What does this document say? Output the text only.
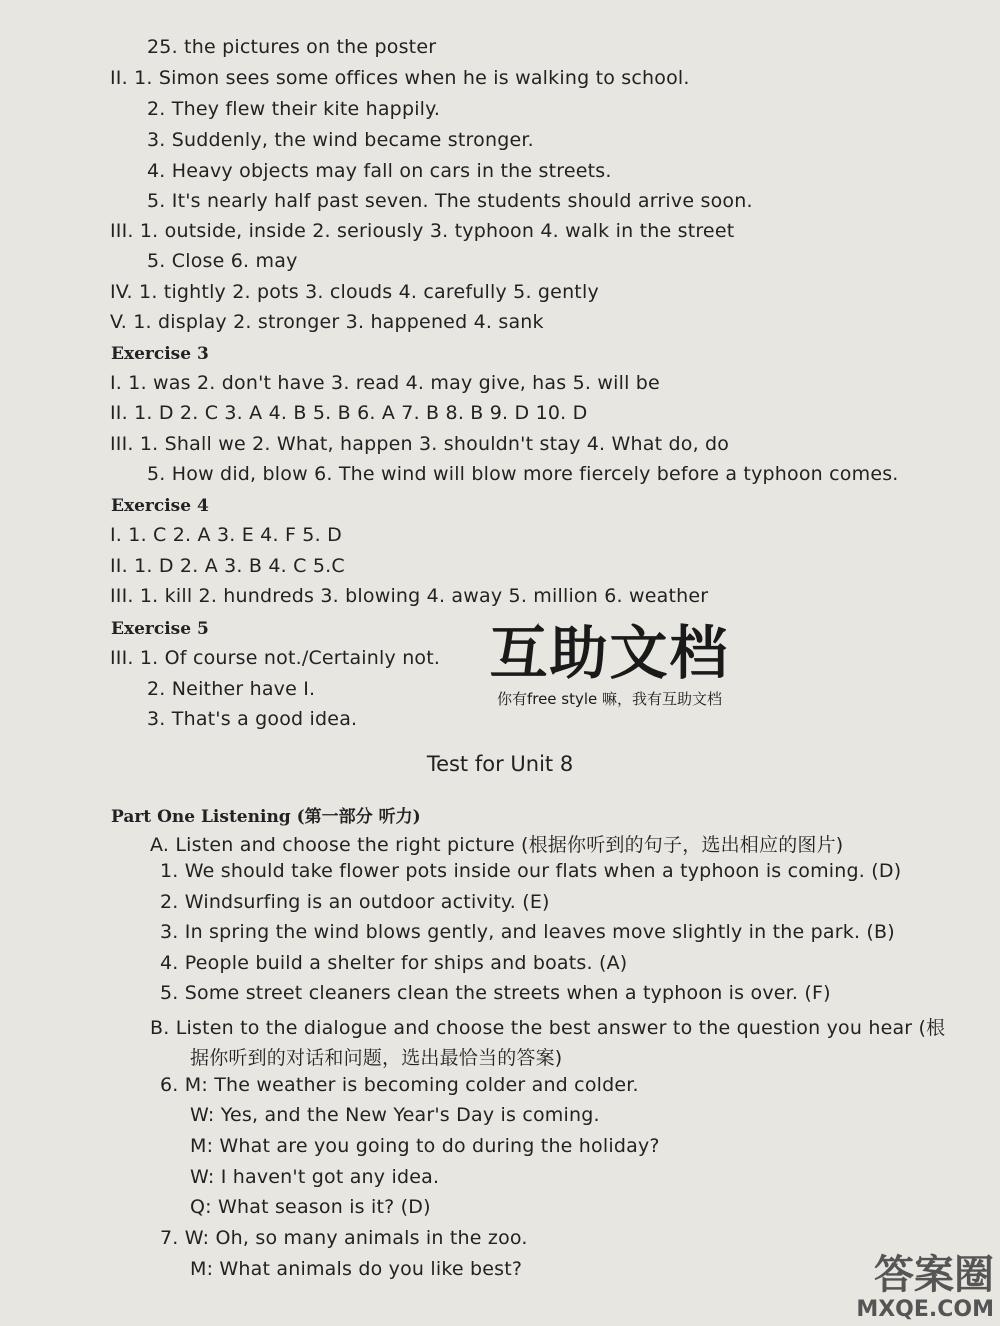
25. the pictures on the poster
II. 1. Simon sees some offices when he is walking to school.
2. They flew their kite happily.
3. Suddenly, the wind became stronger.
4. Heavy objects may fall on cars in the streets.
5. It's nearly half past seven. The students should arrive soon.
III. 1. outside, inside 2. seriously 3. typhoon 4. walk in the street
5. Close 6. may
IV. 1. tightly 2. pots 3. clouds 4. carefully 5. gently
V. 1. display 2. stronger 3. happened 4. sank
I. 1. was 2. don't have 3. read 4. may give, has 5. will be
II. 1. D 2. C 3. A 4. B 5. B 6. A 7. B 8. B 9. D 10. D
III. 1. Shall we 2. What, happen 3. shouldn't stay 4. What do, do
5. How did, blow 6. The wind will blow more fiercely before a typhoon comes.
I. 1. C 2. A 3. E 4. F 5. D
II. 1. D 2. A 3. B 4. C 5.C
III. 1. kill 2. hundreds 3. blowing 4. away 5. million 6. weather
III. 1. Of course not./Certainly not.
2. Neither have I.
3. That's a good idea.
A. Listen and choose the right picture (根据你听到的句子，选出相应的图片)
1. We should take flower pots inside our flats when a typhoon is coming. (D)
2. Windsurfing is an outdoor activity. (E)
3. In spring the wind blows gently, and leaves move slightly in the park. (B)
4. People build a shelter for ships and boats. (A)
5. Some street cleaners clean the streets when a typhoon is over. (F)
B. Listen to the dialogue and choose the best answer to the question you hear (根
据你听到的对话和问题，选出最恰当的答案)
6. M: The weather is becoming colder and colder.
W: Yes, and the New Year's Day is coming.
M: What are you going to do during the holiday?
W: I haven't got any idea.
Q: What season is it? (D)
7. W: Oh, so many animals in the zoo.
M: What animals do you like best?
Exercise 3
Exercise 4
Exercise 5
Part One Listening (第一部分 听力)
Test for Unit 8
互助文档
你有free style 嘛，我有互助文档
答案圈
MXQE.COM
